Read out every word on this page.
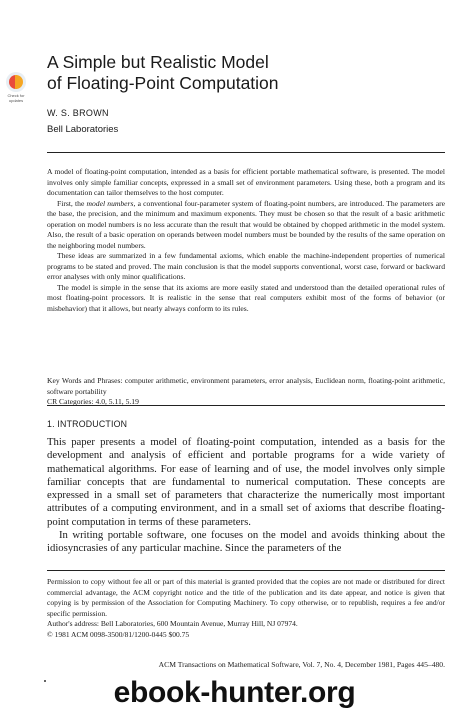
Check for updates
A Simple but Realistic Model
of Floating-Point Computation
W. S. BROWN
Bell Laboratories

A model of floating-point computation, intended as a basis for efficient portable mathematical software, is presented. The model involves only simple familiar concepts, expressed in a small set of environment parameters. Using these, both a program and its documentation can tailor themselves to the host computer.

First, the model numbers, a conventional four-parameter system of floating-point numbers, are introduced. The parameters are the base, the precision, and the minimum and maximum exponents. They must be chosen so that the result of a basic arithmetic operation on model numbers is no less accurate than the result that would be obtained by chopped arithmetic in the model system. Also, the result of a basic operation on operands between model numbers must be bounded by the results of the same operation on the neighboring model numbers.

These ideas are summarized in a few fundamental axioms, which enable the machine-independent properties of numerical programs to be stated and proved. The main conclusion is that the model supports conventional, worst case, forward or backward error analyses with only minor qualifications.

The model is simple in the sense that its axioms are more easily stated and understood than the detailed operational rules of most floating-point processors. It is realistic in the sense that real computers exhibit most of the forms of behavior (or misbehavior) that it allows, but nearly always conform to its rules.

Key Words and Phrases: computer arithmetic, environment parameters, error analysis, Euclidean norm, floating-point arithmetic, software portability

CR Categories: 4.0, 5.11, 5.19

1. INTRODUCTION

This paper presents a model of floating-point computation, intended as a basis for the development and analysis of efficient and portable programs for a wide variety of mathematical algorithms. For ease of learning and of use, the model involves only simple familiar concepts that are fundamental to numerical computation. These concepts are expressed in a small set of parameters that characterize the numerically most important attributes of a computing environment, and in a small set of axioms that describe floating-point computation in terms of these parameters.

In writing portable software, one focuses on the model and avoids thinking about the idiosyncrasies of any particular machine. Since the parameters of the

Permission to copy without fee all or part of this material is granted provided that the copies are not made or distributed for direct commercial advantage, the ACM copyright notice and the title of the publication and its date appear, and notice is given that copying is by permission of the Association for Computing Machinery. To copy otherwise, or to republish, requires a fee and/or specific permission.

Author's address: Bell Laboratories, 600 Mountain Avenue, Murray Hill, NJ 07974.

© 1981 ACM 0098-3500/81/1200-0445 $00.75

ACM Transactions on Mathematical Software, Vol. 7, No. 4, December 1981, Pages 445–480.
ebook-hunter.org
